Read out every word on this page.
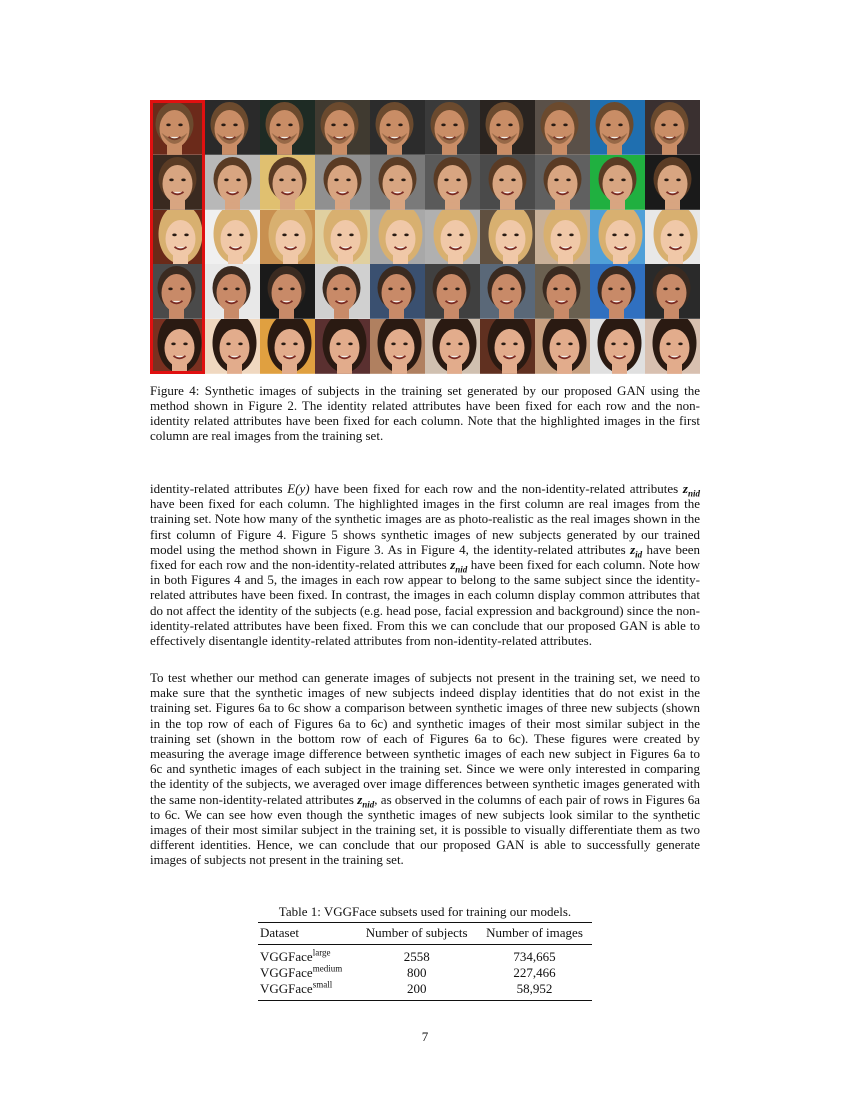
Figure 4: Synthetic images of subjects in the training set generated by our proposed GAN using the method shown in Figure 2. The identity related attributes have been fixed for each row and the non-identity related attributes have been fixed for each column. Note that the highlighted images in the first column are real images from the training set.
identity-related attributes E(y) have been fixed for each row and the non-identity-related attributes $z_{nid}$ have been fixed for each column. The highlighted images in the first column are real images from the training set. Note how many of the synthetic images are as photo-realistic as the real images shown in the first column of Figure 4. Figure 5 shows synthetic images of new subjects generated by our trained model using the method shown in Figure 3. As in Figure 4, the identity-related attributes $z_{id}$ have been fixed for each row and the non-identity-related attributes $z_{nid}$ have been fixed for each column. Note how in both Figures 4 and 5, the images in each row appear to belong to the same subject since the identity-related attributes have been fixed. In contrast, the images in each column display common attributes that do not affect the identity of the subjects (e.g. head pose, facial expression and background) since the non-identity-related attributes have been fixed. From this we can conclude that our proposed GAN is able to effectively disentangle identity-related attributes from non-identity-related attributes.
To test whether our method can generate images of subjects not present in the training set, we need to make sure that the synthetic images of new subjects indeed display identities that do not exist in the training set. Figures 6a to 6c show a comparison between synthetic images of three new subjects (shown in the top row of each of Figures 6a to 6c) and synthetic images of their most similar subject in the training set (shown in the bottom row of each of Figures 6a to 6c). These figures were created by measuring the average image difference between synthetic images of each new subject in Figures 6a to 6c and synthetic images of each subject in the training set. Since we were only interested in comparing the identity of the subjects, we averaged over image differences between synthetic images generated with the same non-identity-related attributes $z_{nid}$, as observed in the columns of each pair of rows in Figures 6a to 6c. We can see how even though the synthetic images of new subjects look similar to the synthetic images of their most similar subject in the training set, it is possible to visually differentiate them as two different identities. Hence, we can conclude that our proposed GAN is able to successfully generate images of subjects not present in the training set.
Table 1: VGGFace subsets used for training our models.
Dataset	Number of subjects	Number of images
VGGFace$^{large}$	2558	734,665
VGGFace$^{medium}$	800	227,466
VGGFace$^{small}$	200	58,952
7
